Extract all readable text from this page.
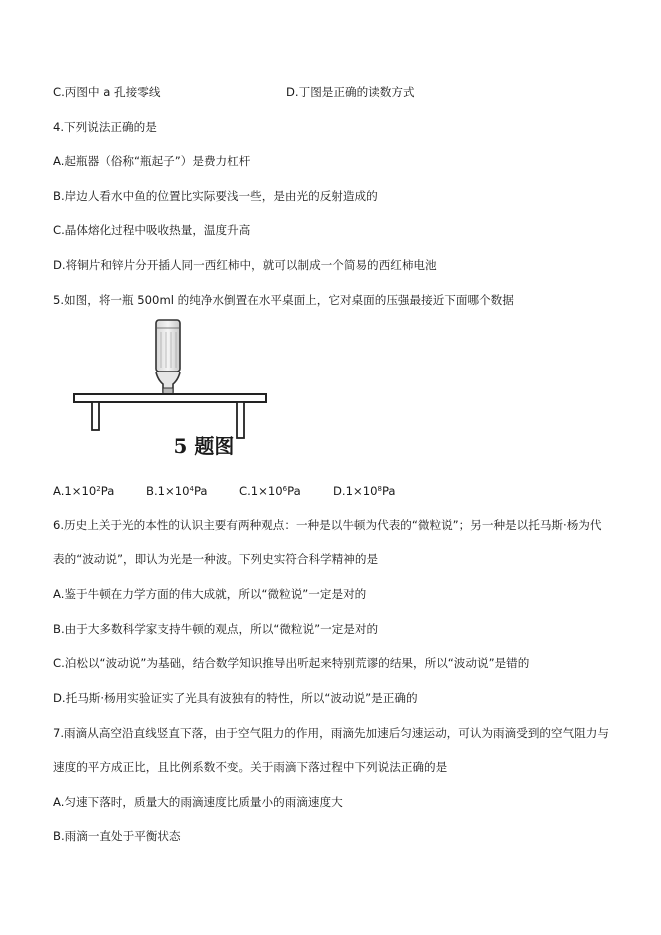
C.丙图中 a 孔接零线	D.丁图是正确的读数方式
4.下列说法正确的是
A.起瓶器（俗称“瓶起子”）是费力杠杆
B.岸边人看水中鱼的位置比实际要浅一些，是由光的反射造成的
C.晶体熔化过程中吸收热量，温度升高
D.将铜片和锌片分开插人同一西红柿中，就可以制成一个简易的西红柿电池
5.如图，将一瓶 500ml 的纯净水倒置在水平桌面上，它对桌面的压强最接近下面哪个数据
5 题图
$A.1\times 10^2Pa$	$B.1\times 10^4Pa$	$C.1\times 10^6Pa$	$D.1\times 10^8Pa$
6.历史上关于光的本性的认识主要有两种观点：一种是以牛顿为代表的“微粒说”；另一种是以托马斯·杨为代
表的“波动说”，即认为光是一种波。下列史实符合科学精神的是
A.鉴于牛顿在力学方面的伟大成就，所以“微粒说”一定是对的
B.由于大多数科学家支持牛顿的观点，所以“微粒说”一定是对的
C.泊松以“波动说”为基础，结合数学知识推导出听起来特别荒谬的结果，所以“波动说”是错的
D.托马斯·杨用实验证实了光具有波独有的特性，所以“波动说”是正确的
7.雨滴从高空沿直线竖直下落，由于空气阻力的作用，雨滴先加速后匀速运动，可认为雨滴受到的空气阻力与
速度的平方成正比，且比例系数不变。关于雨滴下落过程中下列说法正确的是
A.匀速下落时，质量大的雨滴速度比质量小的雨滴速度大
B.雨滴一直处于平衡状态
